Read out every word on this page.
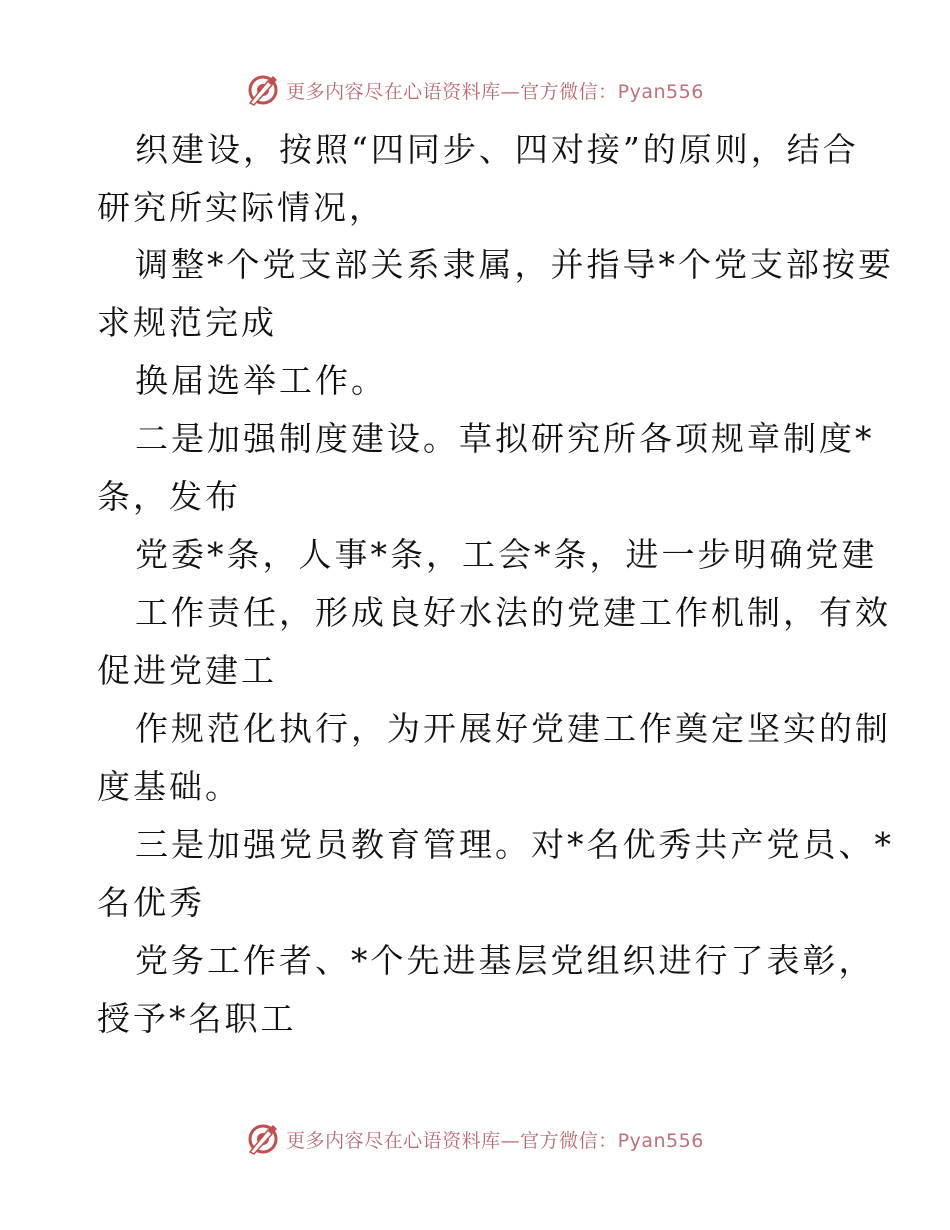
更多内容尽在心语资料库—官方微信：Pyan556
织建设，按照“四同步、四对接”的原则，结合
研究所实际情况，
调整*个党支部关系隶属，并指导*个党支部按要
求规范完成
换届选举工作。
二是加强制度建设。草拟研究所各项规章制度*
条，发布
党委*条，人事*条，工会*条，进一步明确党建
工作责任，形成良好水法的党建工作机制，有效
促进党建工
作规范化执行，为开展好党建工作奠定坚实的制
度基础。
三是加强党员教育管理。对*名优秀共产党员、*
名优秀
党务工作者、*个先进基层党组织进行了表彰，
授予*名职工
更多内容尽在心语资料库—官方微信：Pyan556
